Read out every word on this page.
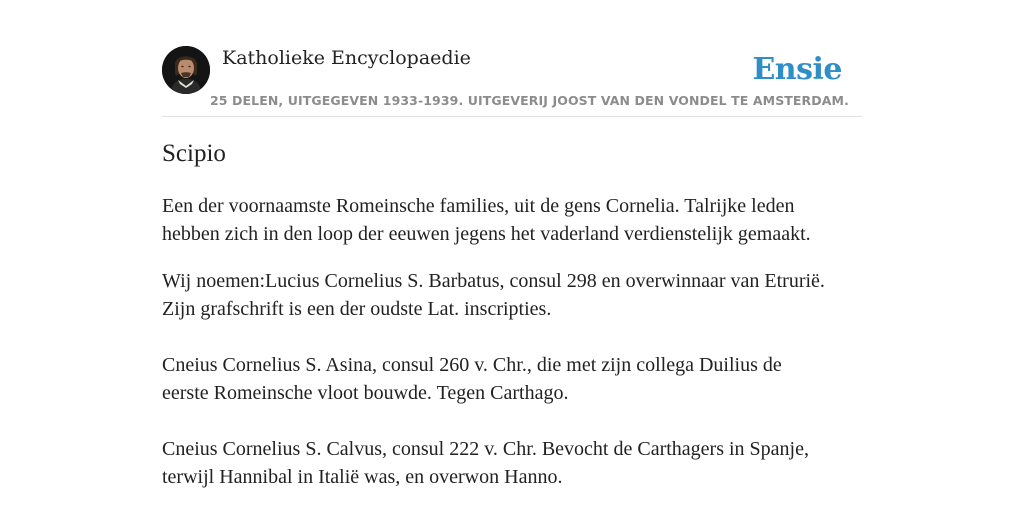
Katholieke Encyclopaedie
25 DELEN, UITGEGEVEN 1933-1939. UITGEVERIJ JOOST VAN DEN VONDEL TE AMSTERDAM.
Ensie
Scipio

Een der voornaamste Romeinsche families, uit de gens Cornelia. Talrijke leden
hebben zich in den loop der eeuwen jegens het vaderland verdienstelijk gemaakt.

Wij noemen:Lucius Cornelius S. Barbatus, consul 298 en overwinnaar van Etrurië.
Zijn grafschrift is een der oudste Lat. inscripties.
Cneius Cornelius S. Asina, consul 260 v. Chr., die met zijn collega Duilius de
eerste Romeinsche vloot bouwde. Tegen Carthago.
Cneius Cornelius S. Calvus, consul 222 v. Chr. Bevocht de Carthagers in Spanje,
terwijl Hannibal in Italië was, en overwon Hanno.
